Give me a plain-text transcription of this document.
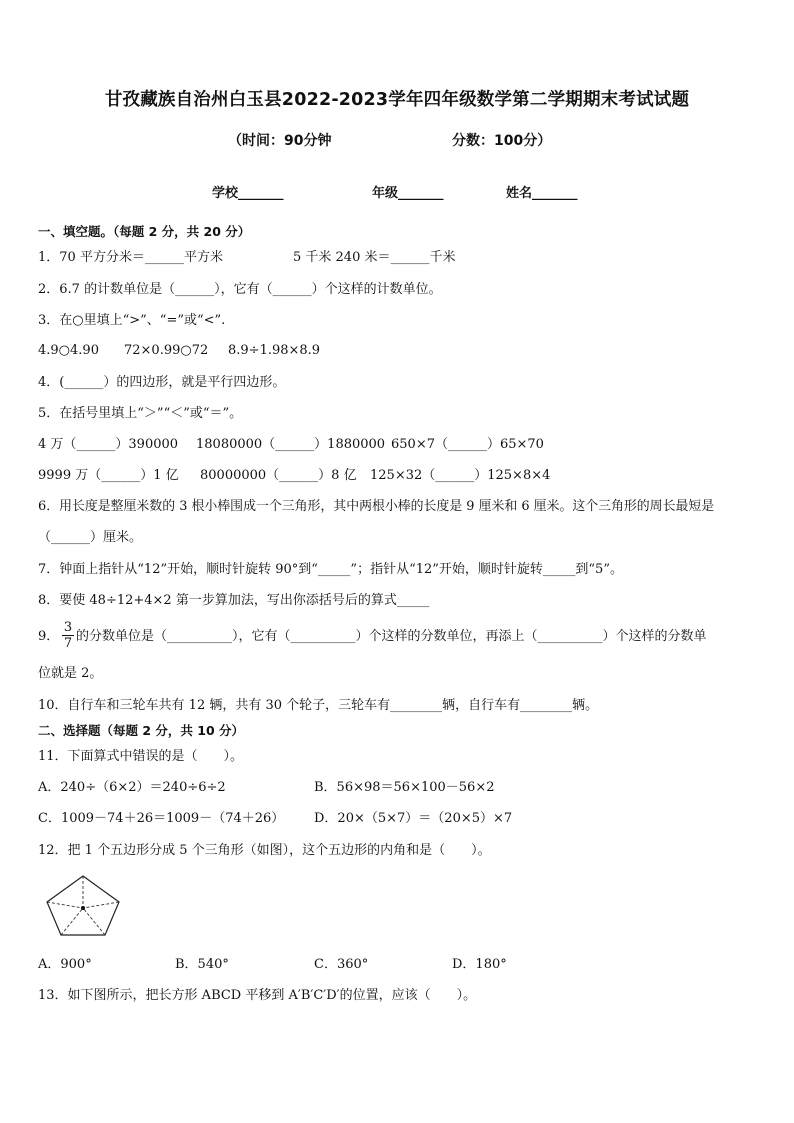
甘孜藏族自治州白玉县2022-2023学年四年级数学第二学期期末考试试题
（时间：90分钟	分数：100分）
学校_______	年级_______	姓名_______
一、填空题。（每题 2 分，共 20 分）
1．70 平方分米＝______平方米	5 千米 240 米＝______千米
2．6.7 的计数单位是（______），它有（______）个这样的计数单位。
3．在○里填上“>”、“=”或“<”.
4.9○4.90 72×0.99○72 8.9÷1.98×8.9
4．(______）的四边形，就是平行四边形。
5．在括号里填上“＞”“＜”或“＝”。
4 万（______）390000 18080000（______）1880000 650×7（______）65×70
9999 万（______）1 亿 80000000（______）8 亿 125×32（______）125×8×4
6．用长度是整厘米数的 3 根小棒围成一个三角形，其中两根小棒的长度是 9 厘米和 6 厘米。这个三角形的周长最短是
（______）厘米。
7．钟面上指针从“12”开始，顺时针旋转 90°到“_____”；指针从“12”开始，顺时针旋转_____到“5”。
8．要使 48÷12+4×2 第一步算加法，写出你添括号后的算式_____
9． $\frac{3}{7}$ 的分数单位是（__________），它有（__________）个这样的分数单位，再添上（__________）个这样的分数单
位就是 2。
10．自行车和三轮车共有 12 辆，共有 30 个轮子，三轮车有________辆，自行车有________辆。
二、选择题（每题 2 分，共 10 分）
11．下面算式中错误的是（　　）。
A．240÷（6×2）＝240÷6÷2	B．56×98＝56×100－56×2
C．1009－74＋26＝1009－（74＋26） D．20×（5×7）＝（20×5）×7
12．把 1 个五边形分成 5 个三角形（如图），这个五边形的内角和是（　　）。
A．900°	B．540°	C．360°	D．180°
13．如下图所示，把长方形 ABCD 平移到 A′B′C′D′的位置，应该（　　）。
